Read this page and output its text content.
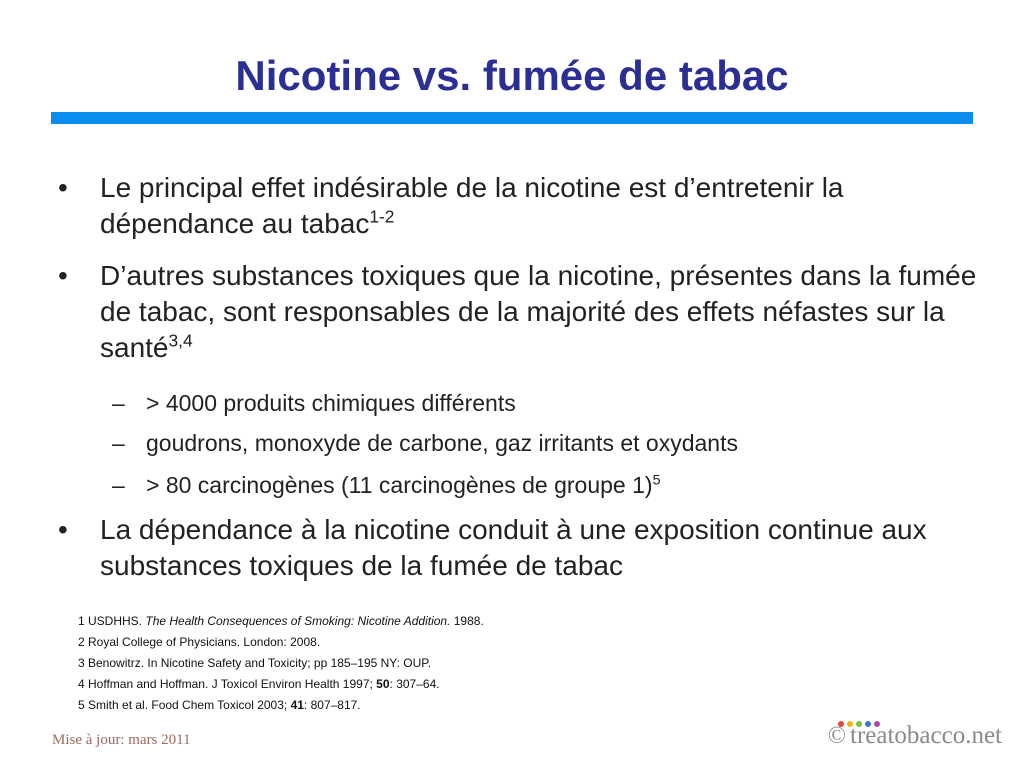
Nicotine vs. fumée de tabac
•	Le principal effet indésirable de la nicotine est d’entretenir la dépendance au tabac$^{1-2}$
•	D’autres substances toxiques que la nicotine, présentes dans la fumée de tabac, sont responsables de la majorité des effets néfastes sur la santé$^{3,4}$
– > 4000 produits chimiques différents
– goudrons, monoxyde de carbone, gaz irritants et oxydants
– > 80 carcinogènes (11 carcinogènes de groupe 1)$^5$
•	La dépendance à la nicotine conduit à une exposition continue aux substances toxiques de la fumée de tabac
1 USDHHS. The Health Consequences of Smoking: Nicotine Addition. 1988.
2 Royal College of Physicians. London: 2008.
3 Benowitrz. In Nicotine Safety and Toxicity; pp 185–195 NY: OUP.
4 Hoffman and Hoffman. J Toxicol Environ Health 1997; 50: 307–64.
5 Smith et al. Food Chem Toxicol 2003; 41: 807–817.
Mise à jour: mars 2011	© treatobacco.net
